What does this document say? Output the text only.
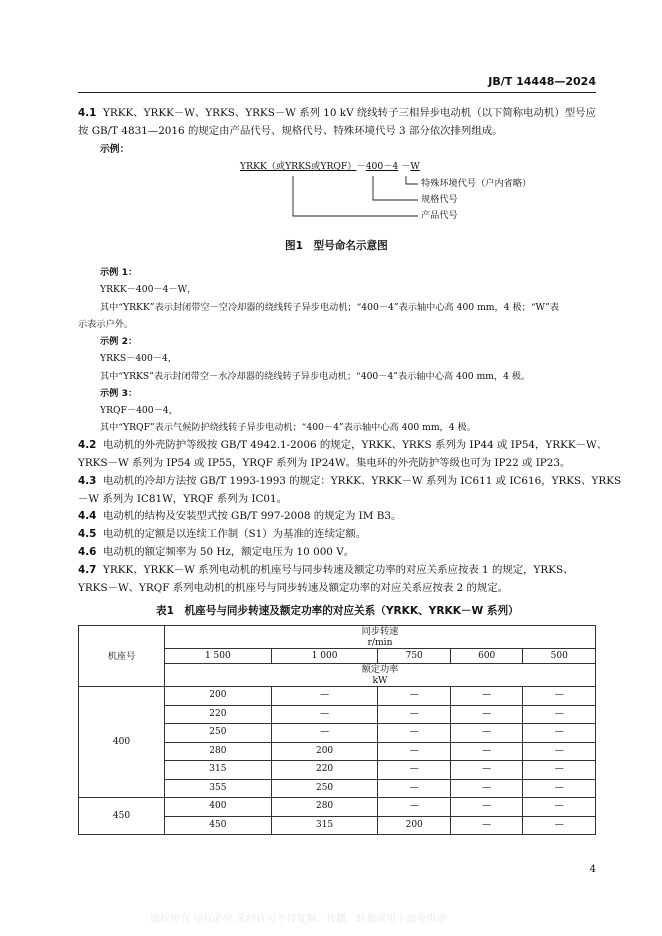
JB/T 14448—2024
4.1 YRKK、YRKK－W、YRKS、YRKS－W 系列 10 kV 绕线转子三相异步电动机（以下简称电动机）型号应
按 GB/T 4831—2016 的规定由产品代号、规格代号、特殊环境代号 3 部分依次排列组成。
示例：
YRKK（或YRKS或YRQF）－400－4 －W
特殊环境代号（户内省略）
规格代号
产品代号
图1　型号命名示意图
示例 1：
YRKK－400－4－W，
其中“YRKK”表示封闭带空－空冷却器的绕线转子异步电动机；“400－4”表示轴中心高 400 mm，4 极；“W”表
示表示户外。
示例 2：
YRKS－400－4，
其中“YRKS”表示封闭带空－水冷却器的绕线转子异步电动机；“400－4”表示轴中心高 400 mm，4 极。
示例 3：
YRQF－400－4，
其中“YRQF”表示气候防护绕线转子异步电动机；“400－4”表示轴中心高 400 mm，4 极。
4.2 电动机的外壳防护等级按 GB/T 4942.1-2006 的规定，YRKK、YRKS 系列为 IP44 或 IP54，YRKK－W、
YRKS－W 系列为 IP54 或 IP55，YRQF 系列为 IP24W。集电环的外壳防护等级也可为 IP22 或 IP23。
4.3 电动机的冷却方法按 GB/T 1993-1993 的规定：YRKK、YRKK－W 系列为 IC611 或 IC616，YRKS、YRKS
－W 系列为 IC81W，YRQF 系列为 IC01。
4.4 电动机的结构及安装型式按 GB/T 997-2008 的规定为 IM B3。
4.5 电动机的定额是以连续工作制（S1）为基准的连续定额。
4.6 电动机的额定频率为 50 Hz，额定电压为 10 000 V。
4.7 YRKK、YRKK－W 系列电动机的机座号与同步转速及额定功率的对应关系应按表 1 的规定，YRKS、
YRKS－W、YRQF 系列电动机的机座号与同步转速及额定功率的对应关系应按表 2 的规定。
表1　机座号与同步转速及额定功率的对应关系（YRKK、YRKK－W 系列）
机座号	同步转速
r/min				

	1 500	1 000	750	600	500

	额定功率
kW				

400	200	—	—	—	—
	220	—	—	—	—
	250	—	—	—	—
	280	200	—	—	—
	315	220	—	—	—
	355	250	—	—	—
450	400	280	—	—	—
	450	315	200	—	—
4
版权所有 侵权必究 未经许可不得复制、传播、转载或用于商业用途
